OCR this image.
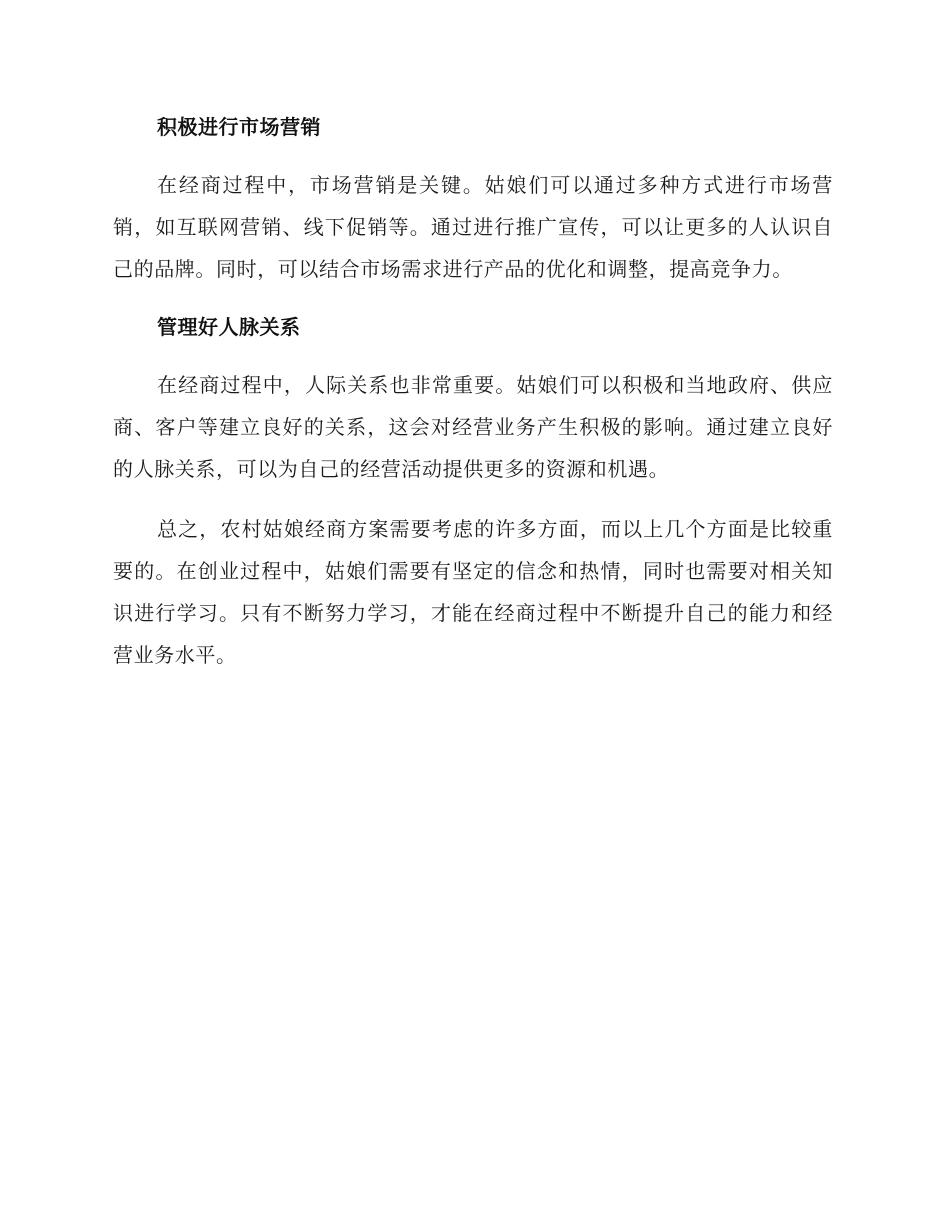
积极进行市场营销

在经商过程中，市场营销是关键。姑娘们可以通过多种方式进行市场营销，如互联网营销、线下促销等。通过进行推广宣传，可以让更多的人认识自己的品牌。同时，可以结合市场需求进行产品的优化和调整，提高竞争力。

管理好人脉关系

在经商过程中，人际关系也非常重要。姑娘们可以积极和当地政府、供应商、客户等建立良好的关系，这会对经营业务产生积极的影响。通过建立良好的人脉关系，可以为自己的经营活动提供更多的资源和机遇。

总之，农村姑娘经商方案需要考虑的许多方面，而以上几个方面是比较重要的。在创业过程中，姑娘们需要有坚定的信念和热情，同时也需要对相关知识进行学习。只有不断努力学习，才能在经商过程中不断提升自己的能力和经营业务水平。
